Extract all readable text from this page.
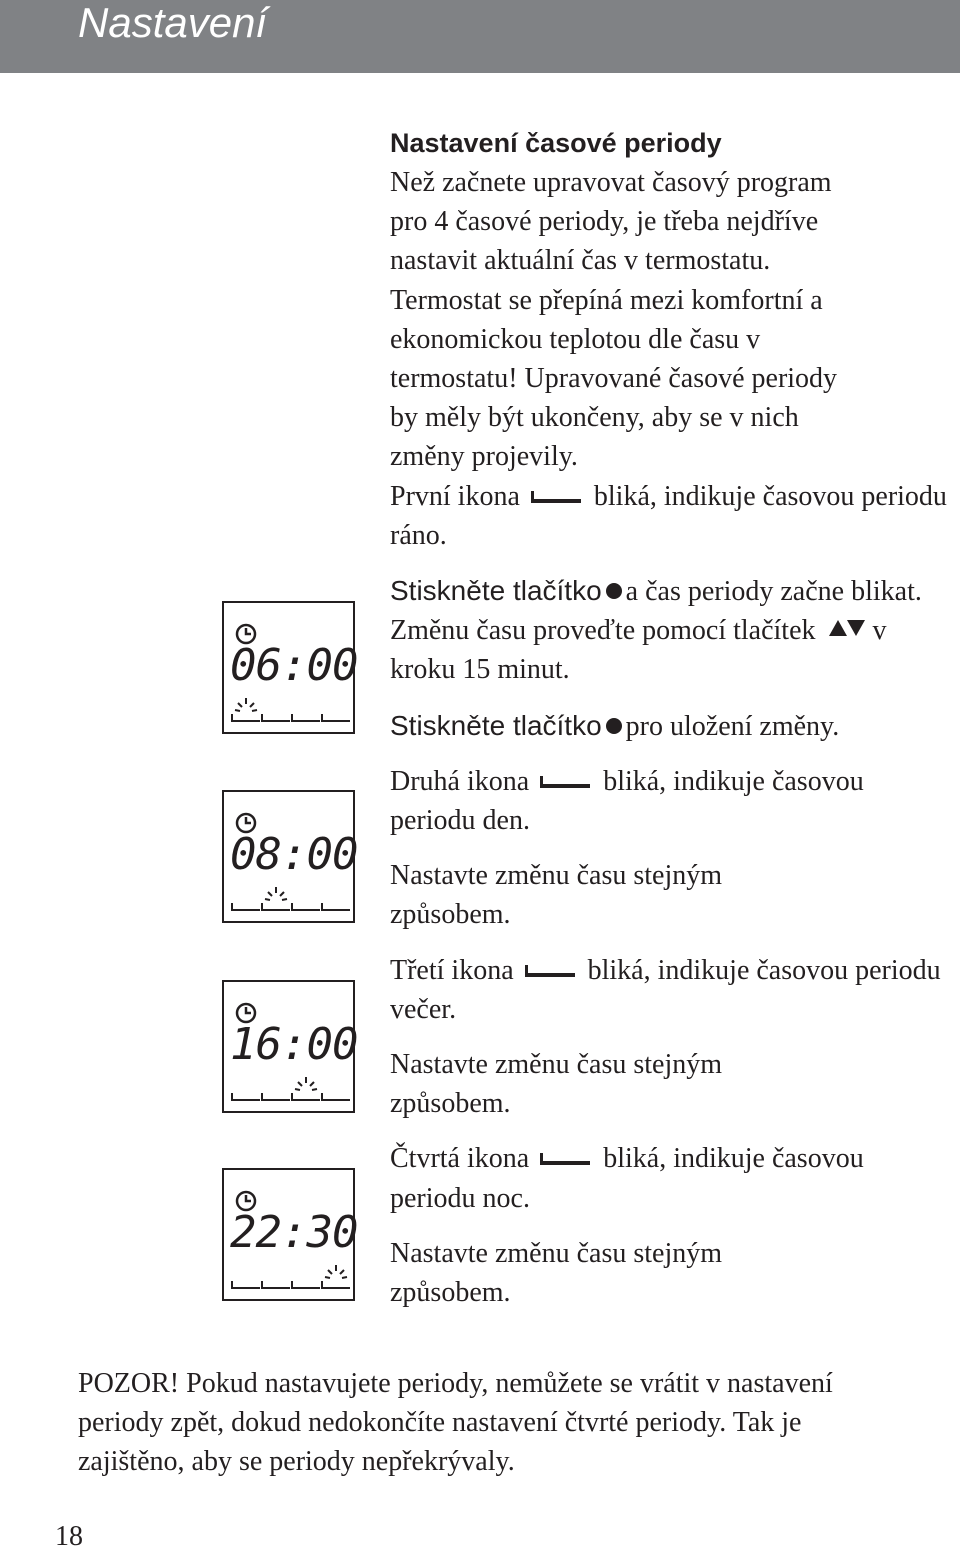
Nastavení
Nastavení časové periody

Než začnete upravovat časový program pro 4 časové periody, je třeba nejdříve nastavit aktuální čas v termostatu. Termostat se přepíná mezi komfortní a ekonomickou teplotou dle času v termostatu! Upravované časové periody by měly být ukončeny, aby se v nich změny projevily.

První ikona	bliká, indikuje časovou periodu ráno.

Stiskněte tlačítko a čas periody začne blikat. Změnu času proveďte pomocí tlačítek v kroku 15 minut.

Stiskněte tlačítko pro uložení změny.

Druhá ikona	bliká, indikuje časovou periodu den.

Nastavte změnu času stejným způsobem.

Třetí ikona	bliká, indikuje časovou periodu večer.

Nastavte změnu času stejným způsobem.

Čtvrtá ikona	bliká, indikuje časovou periodu noc.

Nastavte změnu času stejným způsobem.

06:00
08:00
16:00
22:30

POZOR! Pokud nastavujete periody, nemůžete se vrátit v nastavení periody zpět, dokud nedokončíte nastavení čtvrté periody. Tak je zajištěno, aby se periody nepřekrývaly.

18
